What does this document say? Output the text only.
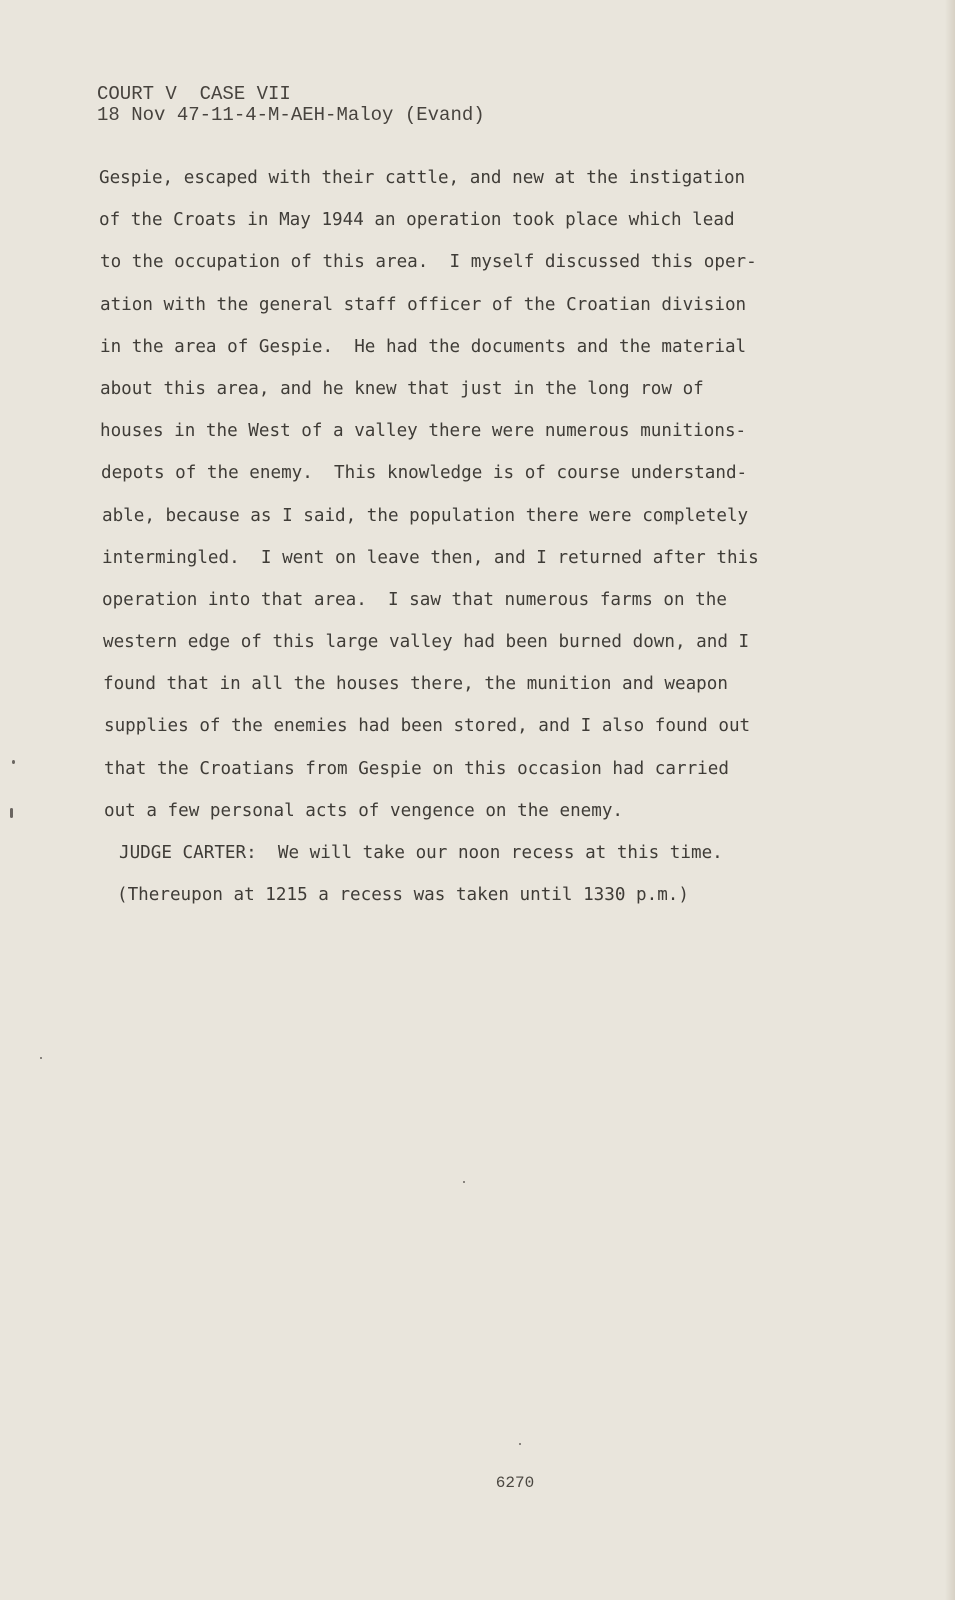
COURT V  CASE VII
18 Nov 47-11-4-M-AEH-Maloy (Evand)
Gespie, escaped with their cattle, and new at the instigation
of the Croats in May 1944 an operation took place which lead
to the occupation of this area.  I myself discussed this oper-
ation with the general staff officer of the Croatian division
in the area of Gespie.  He had the documents and the material
about this area, and he knew that just in the long row of
houses in the West of a valley there were numerous munitions-
depots of the enemy.  This knowledge is of course understand-
able, because as I said, the population there were completely
intermingled.  I went on leave then, and I returned after this
operation into that area.  I saw that numerous farms on the
western edge of this large valley had been burned down, and I
found that in all the houses there, the munition and weapon
supplies of the enemies had been stored, and I also found out
that the Croatians from Gespie on this occasion had carried
out a few personal acts of vengence on the enemy.
JUDGE CARTER:  We will take our noon recess at this time.
(Thereupon at 1215 a recess was taken until 1330 p.m.)
6270
